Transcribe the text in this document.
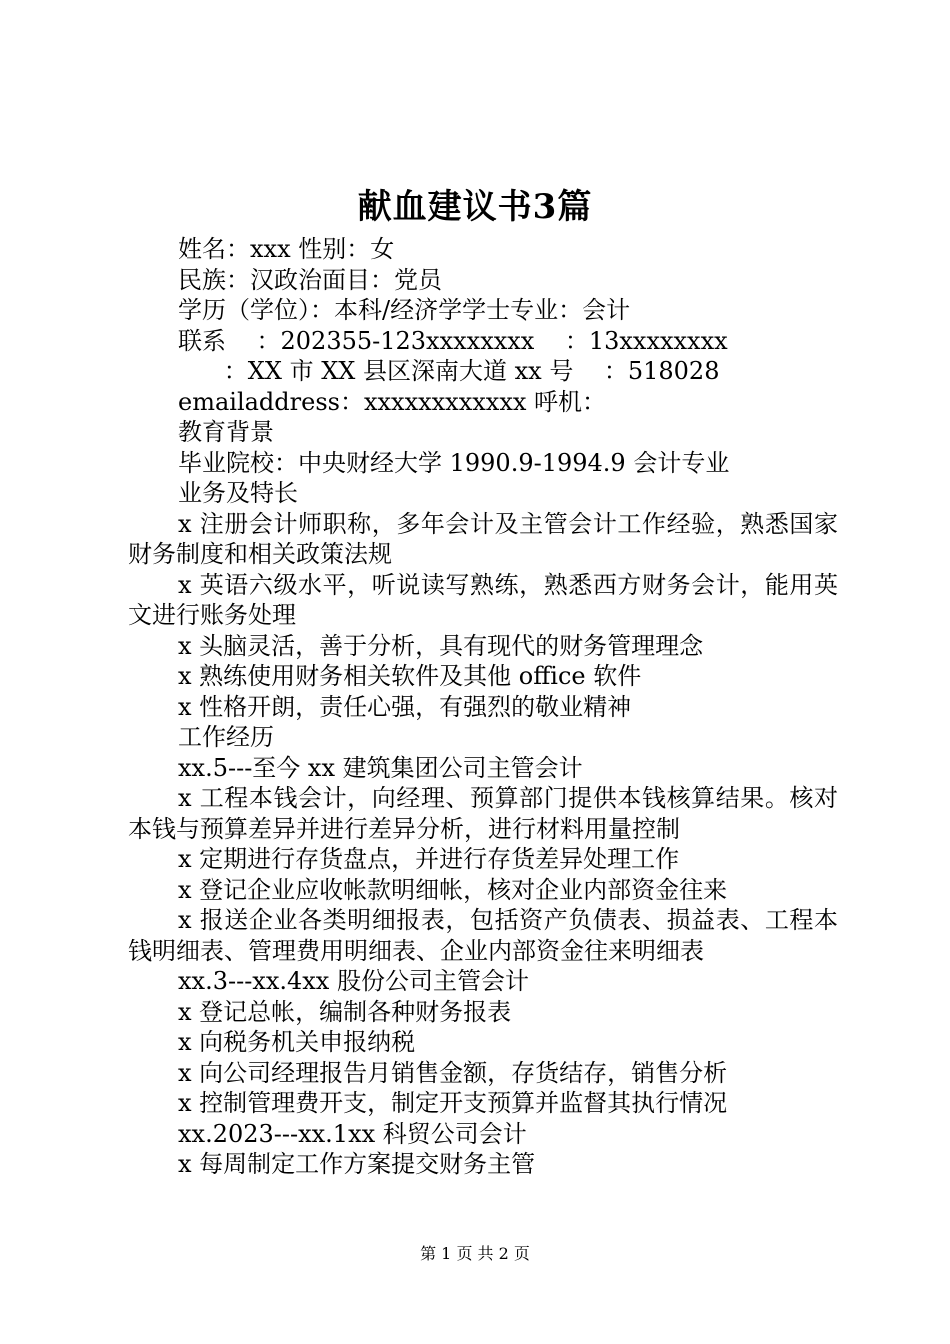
献血建议书3篇

姓名：xxx 性别：女

民族：汉政治面目：党员

学历（学位）：本科/经济学学士专业：会计

联系    ：202355-123xxxxxxxx    ：13xxxxxxxx

：XX 市 XX 县区深南大道 xx 号    ：518028

emailaddress：xxxxxxxxxxxx 呼机：

教育背景

毕业院校：中央财经大学 1990.9-1994.9 会计专业

业务及特长

x 注册会计师职称，多年会计及主管会计工作经验，熟悉国家财务制度和相关政策法规

x 英语六级水平，听说读写熟练，熟悉西方财务会计，能用英文进行账务处理

x 头脑灵活，善于分析，具有现代的财务管理理念

x 熟练使用财务相关软件及其他 office 软件

x 性格开朗，责任心强，有强烈的敬业精神

工作经历

xx.5---至今 xx 建筑集团公司主管会计

x 工程本钱会计，向经理、预算部门提供本钱核算结果。核对本钱与预算差异并进行差异分析，进行材料用量控制

x 定期进行存货盘点，并进行存货差异处理工作

x 登记企业应收帐款明细帐，核对企业内部资金往来

x 报送企业各类明细报表，包括资产负债表、损益表、工程本钱明细表、管理费用明细表、企业内部资金往来明细表

xx.3---xx.4xx 股份公司主管会计

x 登记总帐，编制各种财务报表

x 向税务机关申报纳税

x 向公司经理报告月销售金额，存货结存，销售分析

x 控制管理费开支，制定开支预算并监督其执行情况

xx.2023---xx.1xx 科贸公司会计

x 每周制定工作方案提交财务主管

第 1 页 共 2 页
